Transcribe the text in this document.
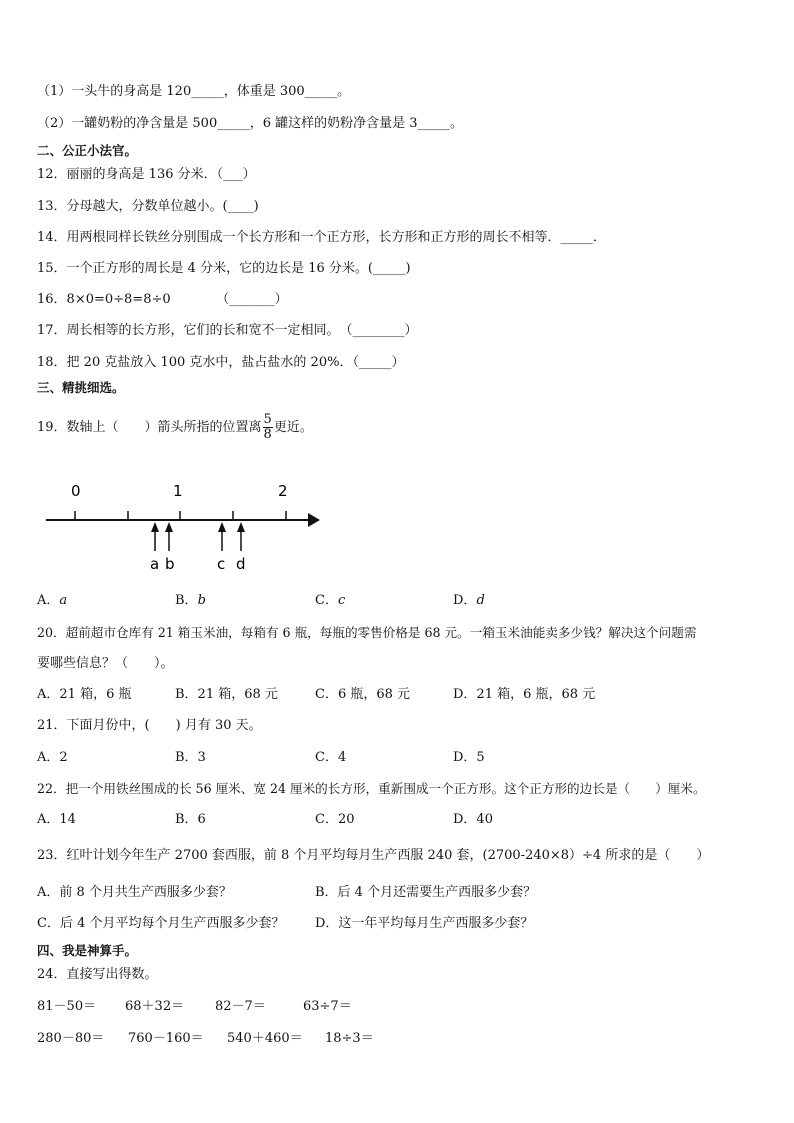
（1）一头牛的身高是 120_____，体重是 300_____。
（2）一罐奶粉的净含量是 500_____，6 罐这样的奶粉净含量是 3_____。
二、公正小法官。
12．丽丽的身高是 136 分米．（___）
13．分母越大，分数单位越小。(____)
14．用两根同样长铁丝分别围成一个长方形和一个正方形，长方形和正方形的周长不相等．_____．
15．一个正方形的周长是 4 分米，它的边长是 16 分米。(_____)
16．8×0=0÷8=8÷0　　　　（_______）
17．周长相等的长方形，它们的长和宽不一定相同。　（________）
18．把 20 克盐放入 100 克水中，盐占盐水的 20%．（_____）
三、精挑细选。
19．数轴上（　　）箭头所指的位置离 $\frac{5}{8}$ 更近。
0	1	2
a b	c d
A．a	B．b	C．c	D．d
20．超前超市仓库有 21 箱玉米油，每箱有 6 瓶，每瓶的零售价格是 68 元。一箱玉米油能卖多少钱？解决这个问题需
要哪些信息？（　　）。
A．21 箱，6 瓶	B．21 箱，68 元	C．6 瓶，68 元	D．21 箱，6 瓶，68 元
21．下面月份中，(　　) 月有 30 天。
A．2	B．3	C．4	D．5
22．把一个用铁丝围成的长 56 厘米、宽 24 厘米的长方形，重新围成一个正方形。这个正方形的边长是（　　）厘米。
A．14	B．6	C．20	D．40
23．红叶计划今年生产 2700 套西服，前 8 个月平均每月生产西服 240 套，(2700-240×8）÷4 所求的是（　　）
A．前 8 个月共生产西服多少套？	B．后 4 个月还需要生产西服多少套？
C．后 4 个月平均每个月生产西服多少套？ D．这一年平均每月生产西服多少套？
四、我是神算手。
24．直接写出得数。
81－50＝ 68＋32＝ 82－7＝	63÷7＝
280－80＝ 760－160＝ 540＋460＝ 18÷3＝
